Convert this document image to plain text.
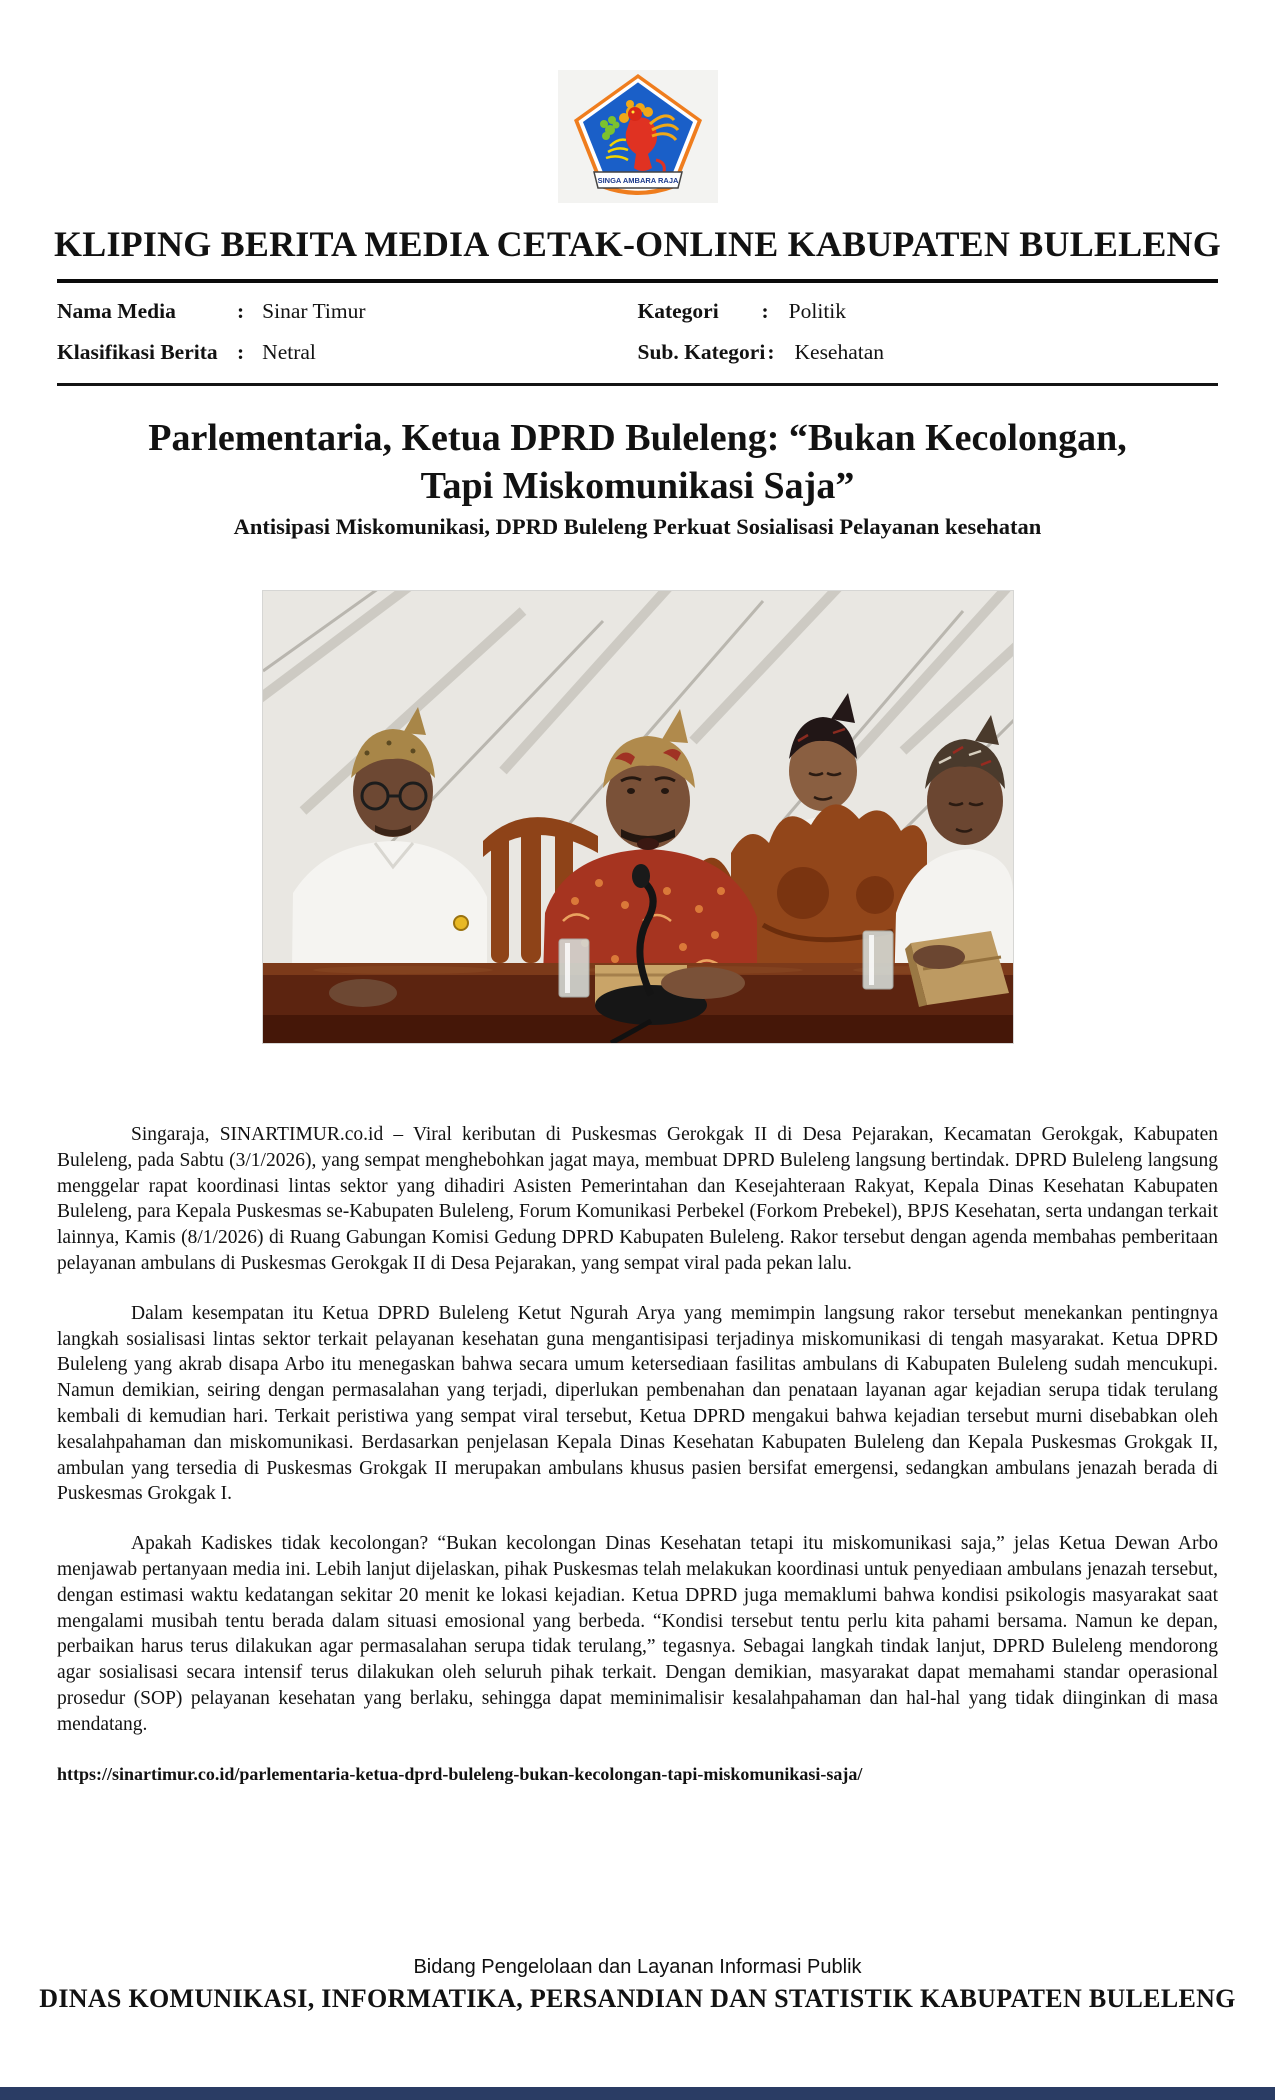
SINGA AMBARA RAJA
KLIPING BERITA MEDIA CETAK-ONLINE KABUPATEN BULELENG
Nama Media	: Sinar Timur	Kategori	: Politik
Klasifikasi Berita : Netral	Sub. Kategori : Kesehatan
Parlementaria, Ketua DPRD Buleleng: “Bukan Kecolongan,
Tapi Miskomunikasi Saja”
Antisipasi Miskomunikasi, DPRD Buleleng Perkuat Sosialisasi Pelayanan kesehatan

Singaraja, SINARTIMUR.co.id – Viral keributan di Puskesmas Gerokgak II di Desa Pejarakan, Kecamatan Gerokgak, Kabupaten Buleleng, pada Sabtu (3/1/2026), yang sempat menghebohkan jagat maya, membuat DPRD Buleleng langsung bertindak. DPRD Buleleng langsung menggelar rapat koordinasi lintas sektor yang dihadiri Asisten Pemerintahan dan Kesejahteraan Rakyat, Kepala Dinas Kesehatan Kabupaten Buleleng, para Kepala Puskesmas se-Kabupaten Buleleng, Forum Komunikasi Perbekel (Forkom Prebekel), BPJS Kesehatan, serta undangan terkait lainnya, Kamis (8/1/2026) di Ruang Gabungan Komisi Gedung DPRD Kabupaten Buleleng. Rakor tersebut dengan agenda membahas pemberitaan pelayanan ambulans di Puskesmas Gerokgak II di Desa Pejarakan, yang sempat viral pada pekan lalu.

Dalam kesempatan itu Ketua DPRD Buleleng Ketut Ngurah Arya yang memimpin langsung rakor tersebut menekankan pentingnya langkah sosialisasi lintas sektor terkait pelayanan kesehatan guna mengantisipasi terjadinya miskomunikasi di tengah masyarakat. Ketua DPRD Buleleng yang akrab disapa Arbo itu menegaskan bahwa secara umum ketersediaan fasilitas ambulans di Kabupaten Buleleng sudah mencukupi. Namun demikian, seiring dengan permasalahan yang terjadi, diperlukan pembenahan dan penataan layanan agar kejadian serupa tidak terulang kembali di kemudian hari. Terkait peristiwa yang sempat viral tersebut, Ketua DPRD mengakui bahwa kejadian tersebut murni disebabkan oleh kesalahpahaman dan miskomunikasi. Berdasarkan penjelasan Kepala Dinas Kesehatan Kabupaten Buleleng dan Kepala Puskesmas Grokgak II, ambulan yang tersedia di Puskesmas Grokgak II merupakan ambulans khusus pasien bersifat emergensi, sedangkan ambulans jenazah berada di Puskesmas Grokgak I.

Apakah Kadiskes tidak kecolongan? “Bukan kecolongan Dinas Kesehatan tetapi itu miskomunikasi saja,” jelas Ketua Dewan Arbo menjawab pertanyaan media ini. Lebih lanjut dijelaskan, pihak Puskesmas telah melakukan koordinasi untuk penyediaan ambulans jenazah tersebut, dengan estimasi waktu kedatangan sekitar 20 menit ke lokasi kejadian. Ketua DPRD juga memaklumi bahwa kondisi psikologis masyarakat saat mengalami musibah tentu berada dalam situasi emosional yang berbeda. “Kondisi tersebut tentu perlu kita pahami bersama. Namun ke depan, perbaikan harus terus dilakukan agar permasalahan serupa tidak terulang,” tegasnya. Sebagai langkah tindak lanjut, DPRD Buleleng mendorong agar sosialisasi secara intensif terus dilakukan oleh seluruh pihak terkait. Dengan demikian, masyarakat dapat memahami standar operasional prosedur (SOP) pelayanan kesehatan yang berlaku, sehingga dapat meminimalisir kesalahpahaman dan hal-hal yang tidak diinginkan di masa mendatang.

https://sinartimur.co.id/parlementaria-ketua-dprd-buleleng-bukan-kecolongan-tapi-miskomunikasi-saja/
Bidang Pengelolaan dan Layanan Informasi Publik
DINAS KOMUNIKASI, INFORMATIKA, PERSANDIAN DAN STATISTIK KABUPATEN BULELENG
